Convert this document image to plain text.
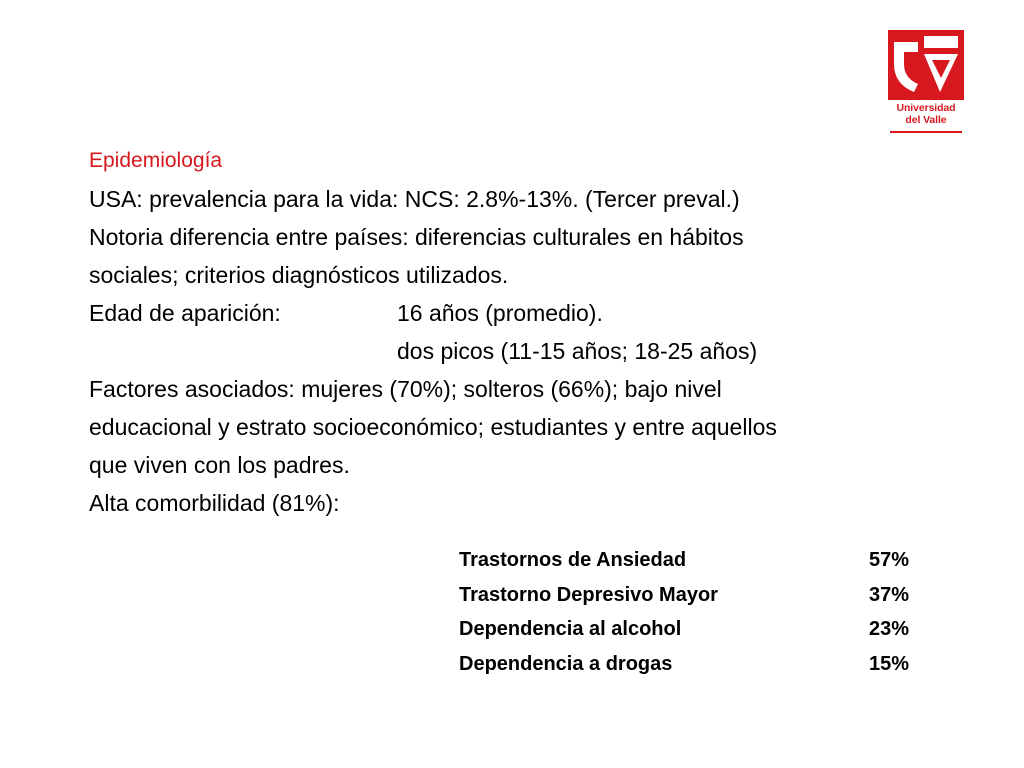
Universidad
del Valle
Epidemiología
USA: prevalencia para la vida: NCS: 2.8%-13%. (Tercer preval.)
Notoria diferencia entre países: diferencias culturales en hábitos
sociales; criterios diagnósticos utilizados.
Edad de aparición:	16 años (promedio).
dos picos (11-15 años; 18-25 años)
Factores asociados: mujeres (70%); solteros (66%); bajo nivel
educacional y estrato socioeconómico; estudiantes y entre aquellos
que viven con los padres.
Alta comorbilidad (81%):
Trastornos de Ansiedad	57%
Trastorno Depresivo Mayor	37%
Dependencia al alcohol	23%
Dependencia a drogas	15%
